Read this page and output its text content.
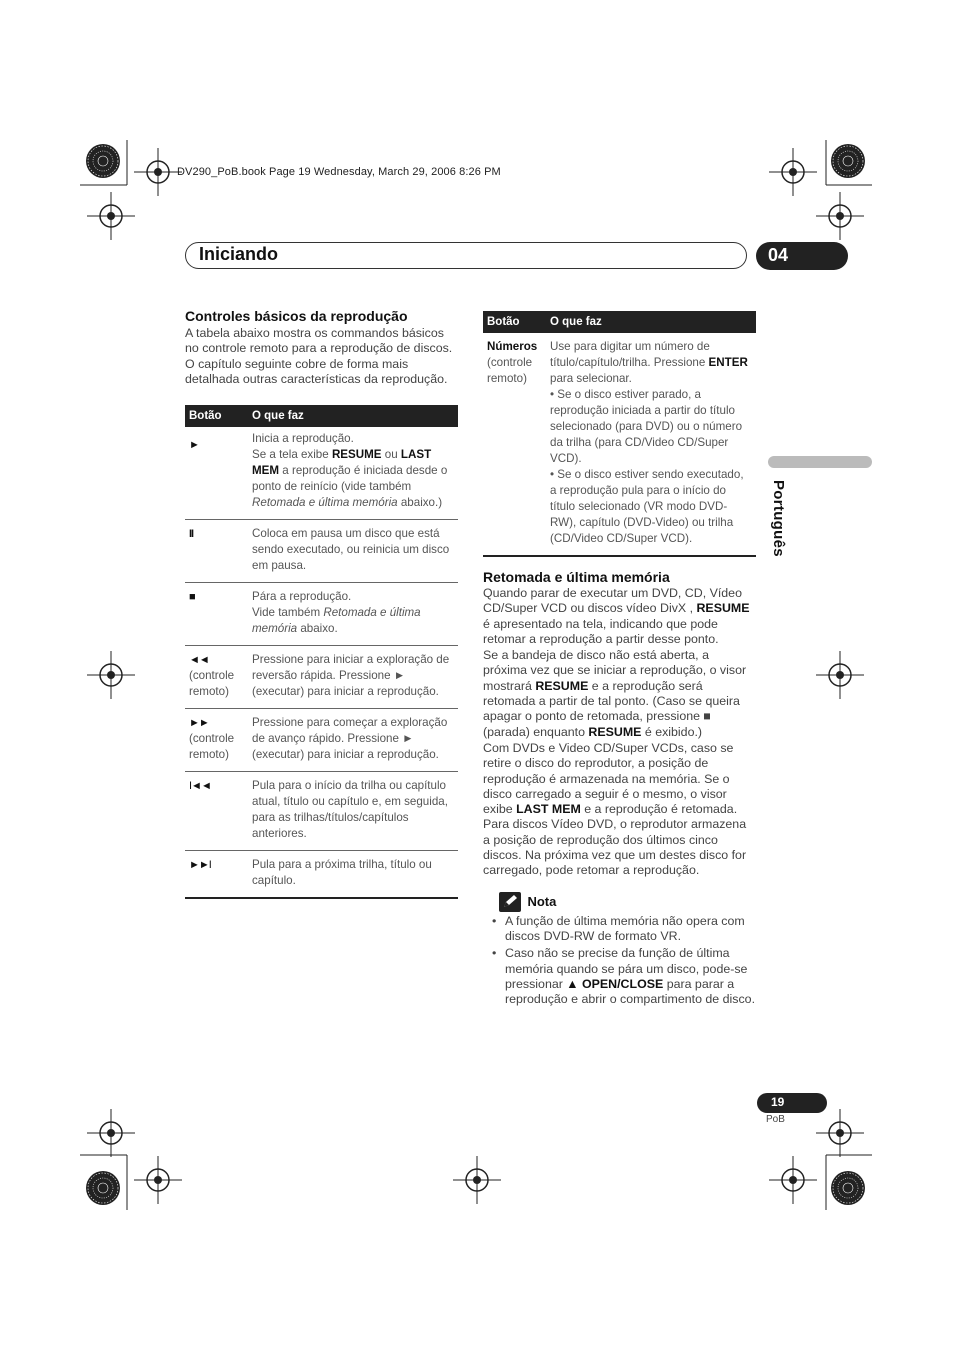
DV290_PoB.book Page 19 Wednesday, March 29, 2006 8:26 PM
Iniciando	04
Português
Controles básicos da reprodução
A tabela abaixo mostra os commandos básicos no controle remoto para a reprodução de discos. O capítulo seguinte cobre de forma mais detalhada outras características da reprodução.
Botão	O que faz
►	Inicia a reprodução.
Se a tela exibe RESUME ou LAST MEM a reprodução é iniciada desde o ponto de reinício (vide também Retomada e última memória abaixo.)
II	Coloca em pausa um disco que está sendo executado, ou reinicia um disco em pausa.
■	Pára a reprodução.
Vide também Retomada e última memória abaixo.
◄◄
(controle remoto)	Pressione para iniciar a exploração de reversão rápida. Pressione ► (executar) para iniciar a reprodução.
►►
(controle remoto)	Pressione para começar a exploração de avanço rápido. Pressione ► (executar) para iniciar a reprodução.
I◄◄	Pula para o início da trilha ou capítulo atual, título ou capítulo e, em seguida, para as trilhas/títulos/capítulos anteriores.
►►I	Pula para a próxima trilha, título ou capítulo.
Botão	O que faz
Números
(controle remoto)	Use para digitar um número de título/capítulo/trilha. Pressione ENTER para selecionar.
• Se o disco estiver parado, a reprodução iniciada a partir do título selecionado (para DVD) ou o número da trilha (para CD/Video CD/Super VCD).
• Se o disco estiver sendo executado, a reprodução pula para o início do título selecionado (VR modo DVD-RW), capítulo (DVD-Video) ou trilha (CD/Video CD/Super VCD).
Retomada e última memória
Quando parar de executar um DVD, CD, Vídeo CD/Super VCD ou discos vídeo DivX , RESUME é apresentado na tela, indicando que pode retomar a reprodução a partir desse ponto.
Se a bandeja de disco não está aberta, a próxima vez que se iniciar a reprodução, o visor mostrará RESUME e a reprodução será retomada a partir de tal ponto. (Caso se queira apagar o ponto de retomada, pressione ■ (parada) enquanto RESUME é exibido.)
Com DVDs e Video CD/Super VCDs, caso se retire o disco do reprodutor, a posição de reprodução é armazenada na memória. Se o disco carregado a seguir é o mesmo, o visor exibe LAST MEM e a reprodução é retomada. Para discos Vídeo DVD, o reprodutor armazena a posição de reprodução dos últimos cinco discos. Na próxima vez que um destes disco for carregado, pode retomar a reprodução.
Nota
• A função de última memória não opera com discos DVD-RW de formato VR.
• Caso não se precise da função de última memória quando se pára um disco, pode-se pressionar ▲ OPEN/CLOSE para parar a reprodução e abrir o compartimento de disco.
19
PoB
